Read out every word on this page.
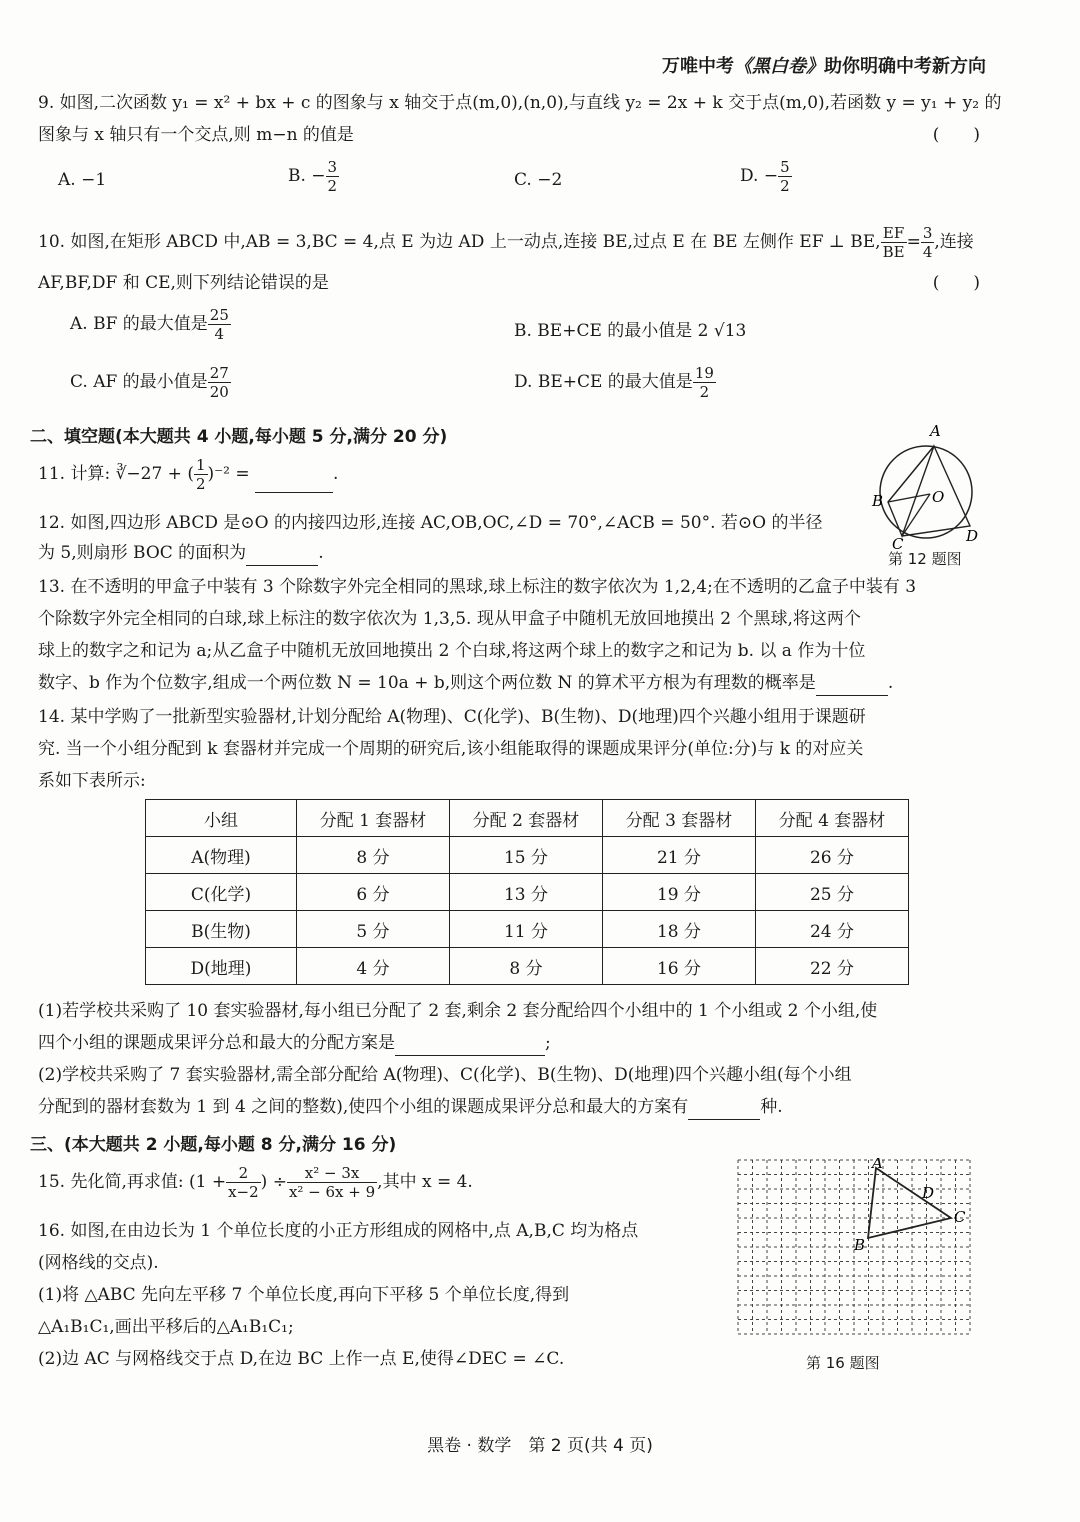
万唯中考《黑白卷》助你明确中考新方向
9. 如图,二次函数 y₁ = x² + bx + c 的图象与 x 轴交于点(m,0),(n,0),与直线 y₂ = 2x + k 交于点(m,0),若函数 y = y₁ + y₂ 的
图象与 x 轴只有一个交点,则 m−n 的值是	(　　)
A. −1	B. − $\frac{3}{2}$	C. −2	D. − $\frac{5}{2}$
10. 如图,在矩形 ABCD 中,AB = 3,BC = 4,点 E 为边 AD 上一动点,连接 BE,过点 E 在 BE 左侧作 EF ⊥ BE, $\frac{EF}{BE} = \frac{3}{4}$ ,连接
AF,BF,DF 和 CE,则下列结论错误的是	(　　)
A. BF 的最大值是 $\frac{25}{4}$	B. BE+CE 的最小值是 2 √13
C. AF 的最小值是 $\frac{27}{20}$	D. BE+CE 的最大值是 $\frac{19}{2}$
二、填空题(本大题共 4 小题,每小题 5 分,满分 20 分)
11. 计算: ∛−27 + ( $\frac{1}{2} )^{-2}$ =	.
A
B
C	D
O
第 12 题图
12. 如图,四边形 ABCD 是⊙O 的内接四边形,连接 AC,OB,OC,∠D = 70°,∠ACB = 50°. 若⊙O 的半径
为 5,则扇形 BOC 的面积为	.
13. 在不透明的甲盒子中装有 3 个除数字外完全相同的黑球,球上标注的数字依次为 1,2,4;在不透明的乙盒子中装有 3
个除数字外完全相同的白球,球上标注的数字依次为 1,3,5. 现从甲盒子中随机无放回地摸出 2 个黑球,将这两个
球上的数字之和记为 a;从乙盒子中随机无放回地摸出 2 个白球,将这两个球上的数字之和记为 b. 以 a 作为十位
数字、b 作为个位数字,组成一个两位数 N = 10a + b,则这个两位数 N 的算术平方根为有理数的概率是	.
14. 某中学购了一批新型实验器材,计划分配给 A(物理)、C(化学)、B(生物)、D(地理)四个兴趣小组用于课题研
究. 当一个小组分配到 k 套器材并完成一个周期的研究后,该小组能取得的课题成果评分(单位:分)与 k 的对应关
系如下表所示:
小组	分配 1 套器材	分配 2 套器材	分配 3 套器材	分配 4 套器材
A(物理)	8 分	15 分	21 分	26 分
C(化学)	6 分	13 分	19 分	25 分
B(生物)	5 分	11 分	18 分	24 分
D(地理)	4 分	8 分	16 分	22 分
(1)若学校共采购了 10 套实验器材,每小组已分配了 2 套,剩余 2 套分配给四个小组中的 1 个小组或 2 个小组,使
四个小组的课题成果评分总和最大的分配方案是	;
(2)学校共采购了 7 套实验器材,需全部分配给 A(物理)、C(化学)、B(生物)、D(地理)四个兴趣小组(每个小组
分配到的器材套数为 1 到 4 之间的整数),使四个小组的课题成果评分总和最大的方案有	种.
三、(本大题共 2 小题,每小题 8 分,满分 16 分)
15. 先化简,再求值: ($1 + \frac{2}{x-2}$ ) ÷ $\frac{\text{x² − 3x}}{\text{x² − 6x + 9}}$ ,其中 x = 4.
16. 如图,在由边长为 1 个单位长度的小正方形组成的网格中,点 A,B,C 均为格点
(网格线的交点).
(1)将 △ABC 先向左平移 7 个单位长度,再向下平移 5 个单位长度,得到
△A₁B₁C₁,画出平移后的△A₁B₁C₁;
(2)边 AC 与网格线交于点 D,在边 BC 上作一点 E,使得∠DEC = ∠C.
A
B
C
D
第 16 题图
黑卷 · 数学　第 2 页(共 4 页)
